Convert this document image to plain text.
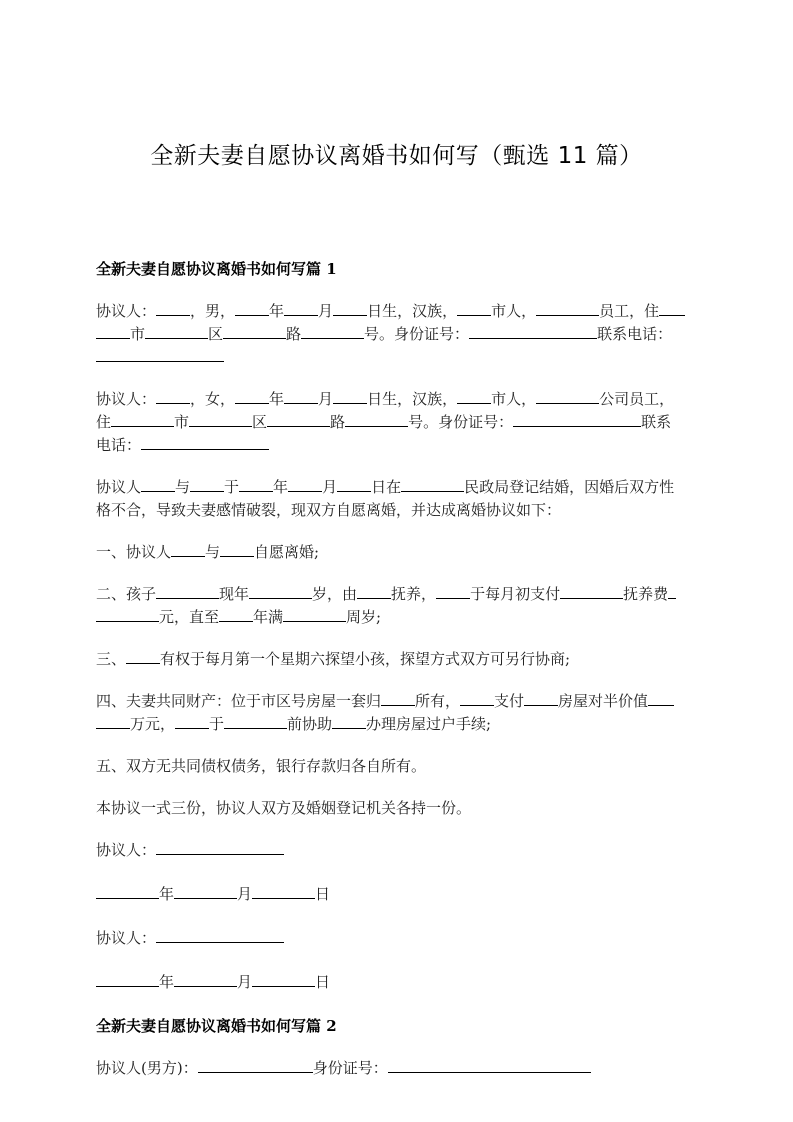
全新夫妻自愿协议离婚书如何写（甄选 11 篇）
全新夫妻自愿协议离婚书如何写篇 1
协议人： ，男， 年 月 日生，汉族， 市人，	员工，住
市	区	路	号。身份证号：	联系电话：

协议人： ，女， 年 月 日生，汉族， 市人，	公司员工，
住	市	区	路	号。身份证号：	联系
电话：
协议人 与 于 年 月 日在	民政局登记结婚，因婚后双方性
格不合，导致夫妻感情破裂，现双方自愿离婚，并达成离婚协议如下：
一、协议人 与 自愿离婚;
二、孩子	现年	岁，由 抚养， 于每月初支付	抚养费
元，直至 年满	周岁;
三、 有权于每月第一个星期六探望小孩，探望方式双方可另行协商;
四、夫妻共同财产：位于市区号房屋一套归 所有， 支付 房屋对半价值
万元， 于	前协助 办理房屋过户手续;
五、双方无共同债权债务，银行存款归各自所有。
本协议一式三份，协议人双方及婚姻登记机关各持一份。
协议人：
年	月	日
协议人：
年	月	日
全新夫妻自愿协议离婚书如何写篇 2
协议人(男方)：	身份证号：
